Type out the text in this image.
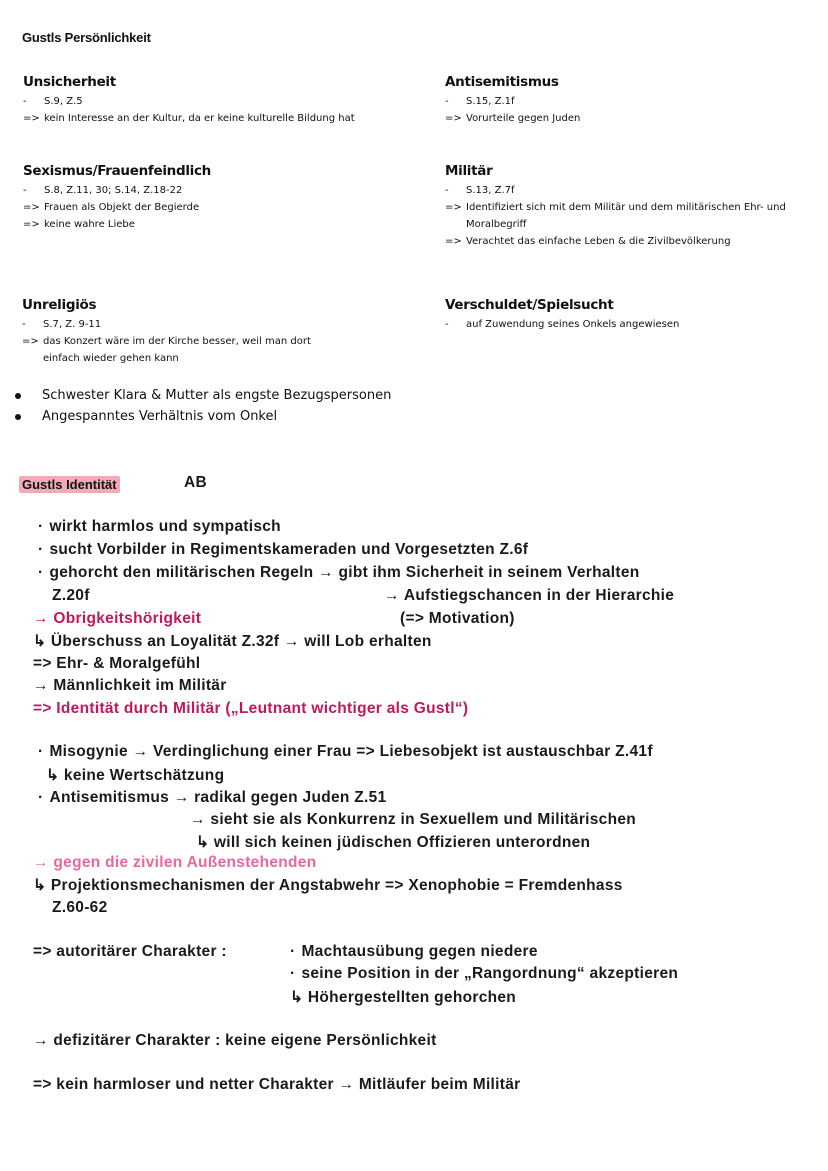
Gustls Persönlichkeit
Unsicherheit
-	S.9, Z.5
=> kein Interesse an der Kultur, da er keine kulturelle Bildung hat
Antisemitismus
-	S.15, Z.1f
=> Vorurteile gegen Juden
Sexismus/Frauenfeindlich
-	S.8, Z.11, 30; S.14, Z.18-22
=> Frauen als Objekt der Begierde
=> keine wahre Liebe
Militär
-	S.13, Z.7f
=> Identifiziert sich mit dem Militär und dem militärischen Ehr- und
Moralbegriff
=> Verachtet das einfache Leben & die Zivilbevölkerung
Unreligiös
-	S.7, Z. 9-11
=> das Konzert wäre im der Kirche besser, weil man dort
einfach wieder gehen kann
Verschuldet/Spielsucht
-	auf Zuwendung seines Onkels angewiesen
Schwester Klara & Mutter als engste Bezugspersonen
Angespanntes Verhältnis vom Onkel
Gustls Identität	AB
· wirkt harmlos und sympatisch
· sucht Vorbilder in Regimentskameraden und Vorgesetzten Z.6f
· gehorcht den militärischen Regeln → gibt ihm Sicherheit in seinem Verhalten
Z.20f	→ Aufstiegschancen in der Hierarchie
→ Obrigkeitshörigkeit	(=> Motivation)
↳ Überschuss an Loyalität Z.32f → will Lob erhalten
=> Ehr- & Moralgefühl
→ Männlichkeit im Militär
=> Identität durch Militär („Leutnant wichtiger als Gustl“)
· Misogynie → Verdinglichung einer Frau => Liebesobjekt ist austauschbar Z.41f
↳ keine Wertschätzung
· Antisemitismus → radikal gegen Juden Z.51
→ sieht sie als Konkurrenz in Sexuellem und Militärischen
↳ will sich keinen jüdischen Offizieren unterordnen
→ gegen die zivilen Außenstehenden
↳ Projektionsmechanismen der Angstabwehr => Xenophobie = Fremdenhass
Z.60-62
=> autoritärer Charakter :
·	Machtausübung gegen niedere
· seine Position in der „Rangordnung“ akzeptieren
↳ Höhergestellten gehorchen
→ defizitärer Charakter : keine eigene Persönlichkeit
=> kein harmloser und netter Charakter → Mitläufer beim Militär
